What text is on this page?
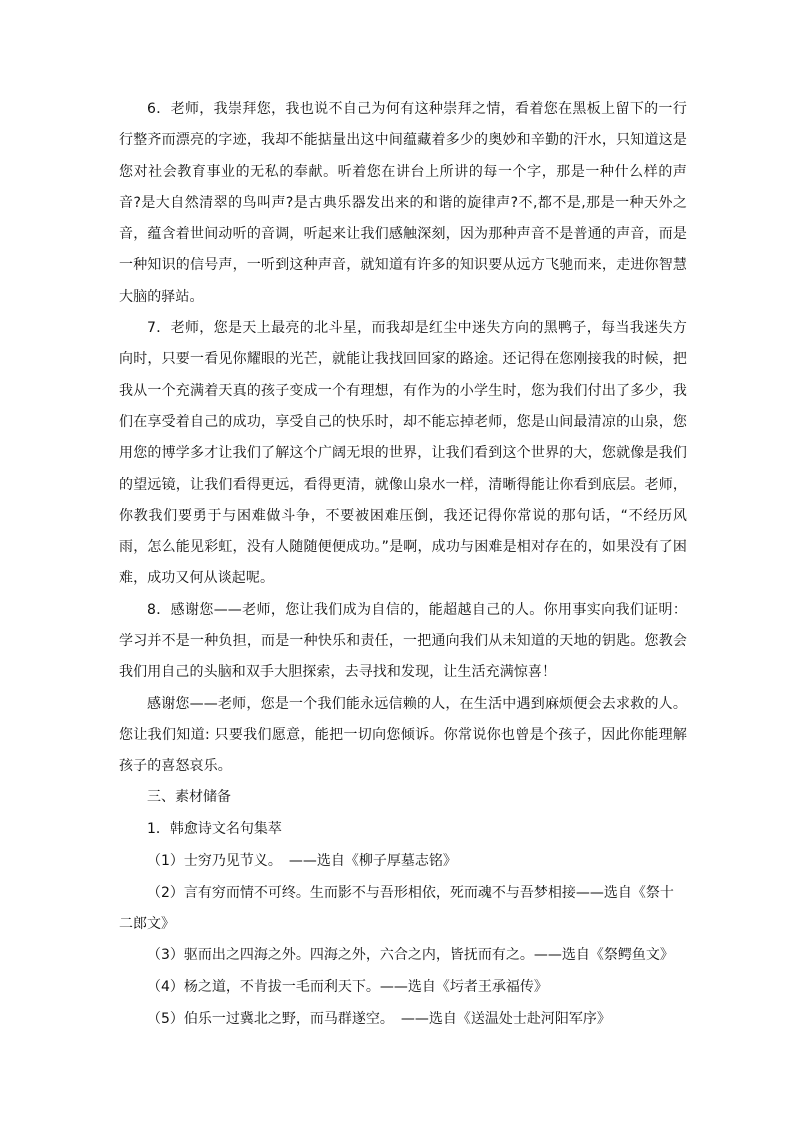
6．老师，我崇拜您，我也说不自己为何有这种崇拜之情，看着您在黑板上留下的一行行整齐而漂亮的字迹，我却不能掂量出这中间蕴藏着多少的奥妙和辛勤的汗水，只知道这是您对社会教育事业的无私的奉献。听着您在讲台上所讲的每一个字，那是一种什么样的声音?是大自然清翠的鸟叫声?是古典乐器发出来的和谐的旋律声?不,都不是,那是一种天外之音，蕴含着世间动听的音调，听起来让我们感触深刻，因为那种声音不是普通的声音，而是一种知识的信号声，一听到这种声音，就知道有许多的知识要从远方飞驰而来，走进你智慧大脑的驿站。

7．老师，您是天上最亮的北斗星，而我却是红尘中迷失方向的黑鸭子，每当我迷失方向时，只要一看见你耀眼的光芒，就能让我找回回家的路途。还记得在您刚接我的时候，把我从一个充满着天真的孩子变成一个有理想，有作为的小学生时，您为我们付出了多少，我们在享受着自己的成功，享受自己的快乐时，却不能忘掉老师，您是山间最清凉的山泉，您用您的博学多才让我们了解这个广阔无垠的世界，让我们看到这个世界的大，您就像是我们的望远镜，让我们看得更远，看得更清，就像山泉水一样，清晰得能让你看到底层。老师，你教我们要勇于与困难做斗争，不要被困难压倒，我还记得你常说的那句话，“不经历风雨，怎么能见彩虹，没有人随随便便成功。”是啊，成功与困难是相对存在的，如果没有了困难，成功又何从谈起呢。

8．感谢您——老师，您让我们成为自信的，能超越自己的人。你用事实向我们证明：学习并不是一种负担，而是一种快乐和责任，一把通向我们从未知道的天地的钥匙。您教会我们用自己的头脑和双手大胆探索，去寻找和发现，让生活充满惊喜！

感谢您——老师，您是一个我们能永远信赖的人，在生活中遇到麻烦便会去求救的人。您让我们知道: 只要我们愿意，能把一切向您倾诉。你常说你也曾是个孩子，因此你能理解孩子的喜怒哀乐。

三、素材储备
1．韩愈诗文名句集萃
（1）士穷乃见节义。　——选自《柳子厚墓志铭》
（2）言有穷而情不可终。生而影不与吾形相依，死而魂不与吾梦相接——选自《祭十
二郎文》
（3）驱而出之四海之外。四海之外，六合之内，皆抚而有之。——选自《祭鳄鱼文》
（4）杨之道，不肯拔一毛而利天下。——选自《圬者王承福传》
（5）伯乐一过冀北之野，而马群遂空。　——选自《送温处士赴河阳军序》
